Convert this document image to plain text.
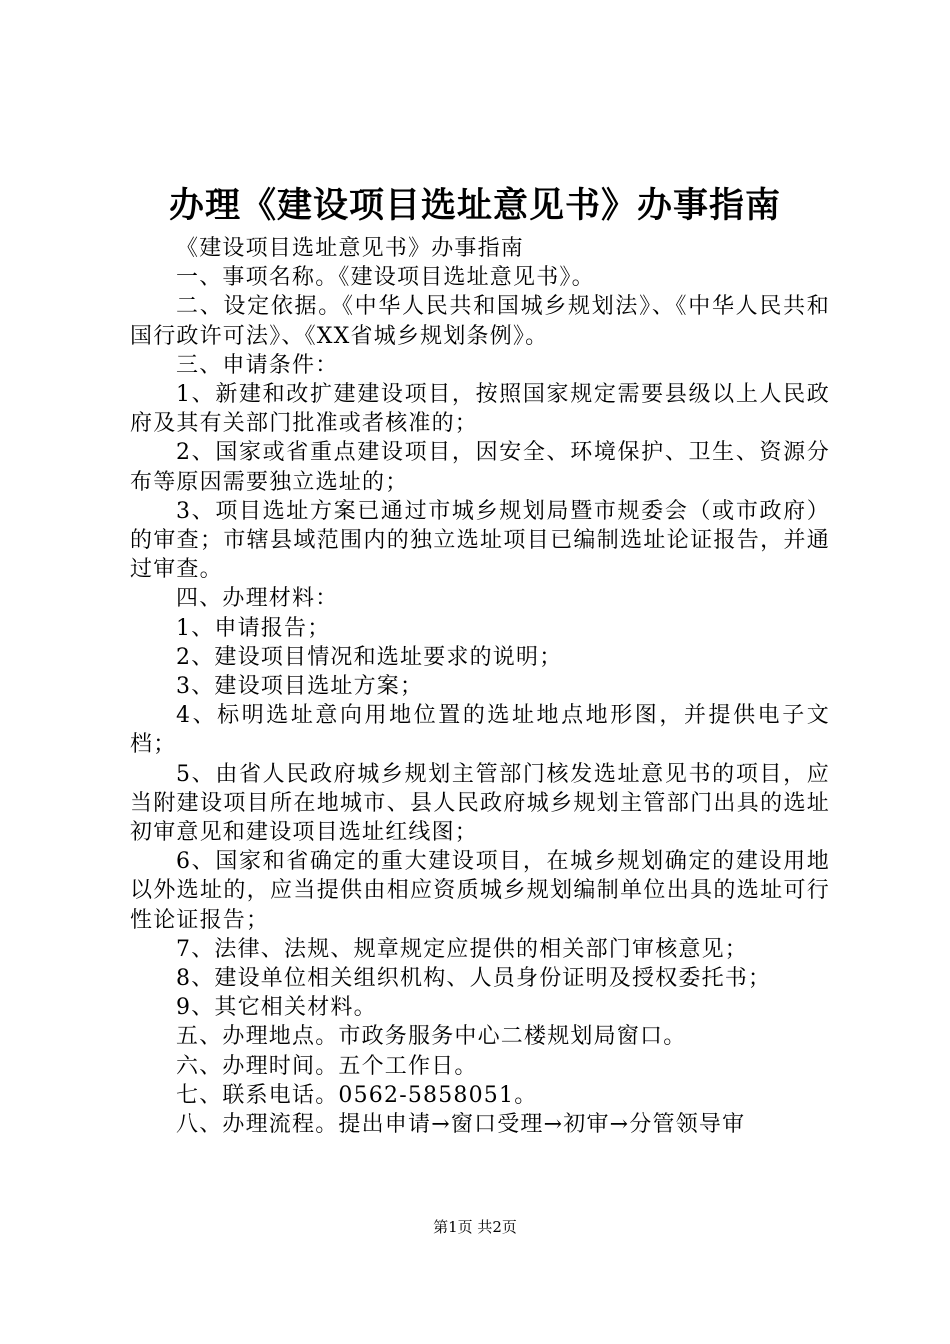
办理《建设项目选址意见书》办事指南

《建设项目选址意见书》办事指南

一、事项名称。《建设项目选址意见书》。

二、设定依据。《中华人民共和国城乡规划法》、《中华人民共和国行政许可法》、《XX省城乡规划条例》。

三、申请条件：

1、新建和改扩建建设项目，按照国家规定需要县级以上人民政府及其有关部门批准或者核准的；

2、国家或省重点建设项目，因安全、环境保护、卫生、资源分布等原因需要独立选址的；

3、项目选址方案已通过市城乡规划局暨市规委会（或市政府）的审查；市辖县域范围内的独立选址项目已编制选址论证报告，并通过审查。

四、办理材料：

1、申请报告；

2、建设项目情况和选址要求的说明；

3、建设项目选址方案；

4、标明选址意向用地位置的选址地点地形图，并提供电子文档；

5、由省人民政府城乡规划主管部门核发选址意见书的项目，应当附建设项目所在地城市、县人民政府城乡规划主管部门出具的选址初审意见和建设项目选址红线图；

6、国家和省确定的重大建设项目，在城乡规划确定的建设用地以外选址的，应当提供由相应资质城乡规划编制单位出具的选址可行性论证报告；

7、法律、法规、规章规定应提供的相关部门审核意见；

8、建设单位相关组织机构、人员身份证明及授权委托书；

9、其它相关材料。

五、办理地点。市政务服务中心二楼规划局窗口。

六、办理时间。五个工作日。

七、联系电话。0562-5858051。

八、办理流程。提出申请→窗口受理→初审→分管领导审

第1页 共2页
